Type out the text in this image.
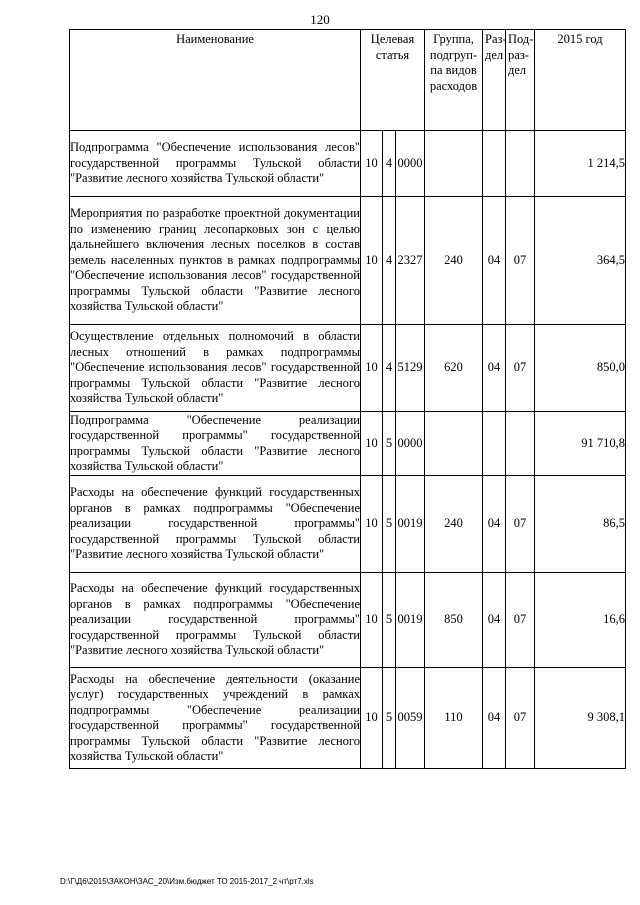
120
Наименование	Целевая статья			Группа, подгруп-па видов расходов	Раз-дел	Под-раз-дел	2015 год
Подпрограмма "Обеспечение использования лесов" государственной программы Тульской области "Развитие лесного хозяйства Тульской области"	10	4	0000				1 214,5
Мероприятия по разработке проектной документации по изменению границ лесопарковых зон с целью дальнейшего включения лесных поселков в состав земель населенных пунктов в рамках подпрограммы "Обеспечение использования лесов" государственной программы Тульской области "Развитие лесного хозяйства Тульской области"	10	4	2327	240	04	07	364,5
Осуществление отдельных полномочий в области лесных отношений в рамках подпрограммы "Обеспечение использования лесов" государственной программы Тульской области "Развитие лесного хозяйства Тульской области"	10	4	5129	620	04	07	850,0
Подпрограмма "Обеспечение реализации государственной программы" государственной программы Тульской области "Развитие лесного хозяйства Тульской области"	10	5	0000				91 710,8
Расходы на обеспечение функций государственных органов в рамках подпрограммы "Обеспечение реализации государственной программы" государственной программы Тульской области "Развитие лесного хозяйства Тульской области"	10	5	0019	240	04	07	86,5
Расходы на обеспечение функций государственных органов в рамках подпрограммы "Обеспечение реализации государственной программы" государственной программы Тульской области "Развитие лесного хозяйства Тульской области"	10	5	0019	850	04	07	16,6
Расходы на обеспечение деятельности (оказание услуг) государственных учреждений в рамках подпрограммы "Обеспечение реализации государственной программы" государственной программы Тульской области "Развитие лесного хозяйства Тульской области"	10	5	0059	110	04	07	9 308,1
D:\Г\Д6\2015\ЗАКОН\ЗАС_20\Изм.бюджет ТО 2015-2017_2 чт\рт7.xls
